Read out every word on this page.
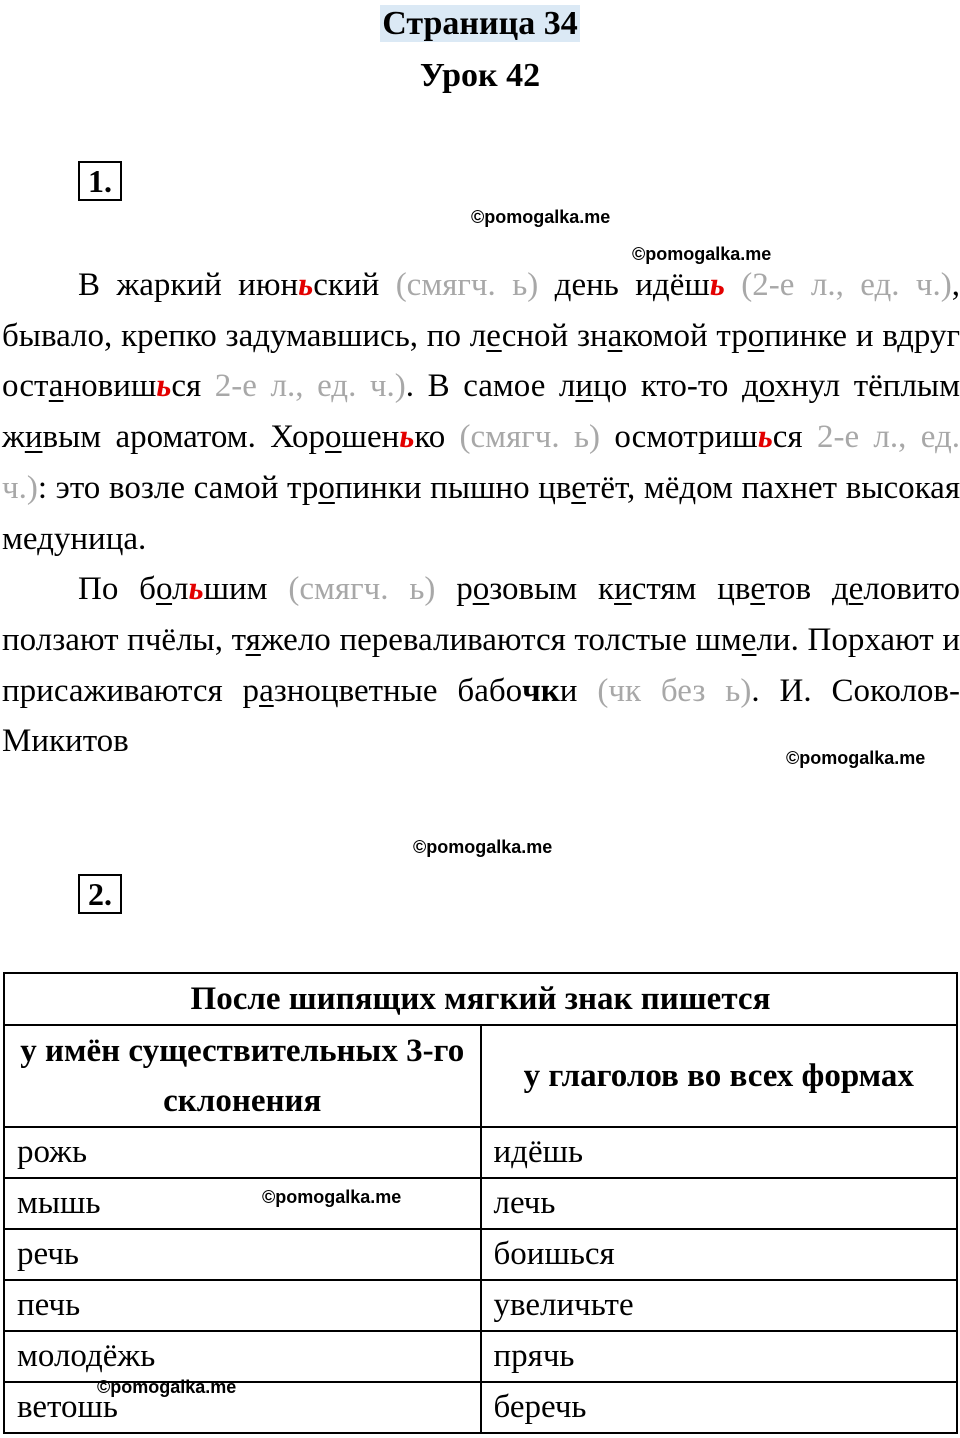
Страница 34
Урок 42
1.
©pomogalka.me
©pomogalka.me

В жаркий июньский (смягч. ь) день идёшь (2-е л., ед. ч.), бывало, крепко задумавшись, по лесной знакомой тропинке и вдруг остановишься 2-е л., ед. ч.). В самое лицо кто-то дохнул тёплым живым ароматом. Хорошенько (смягч. ь) осмотришься 2-е л., ед. ч.): это возле самой тропинки пышно цветёт, мёдом пахнет высокая медуница.

По большим (смягч. ь) розовым кистям цветов деловито ползают пчёлы, тяжело переваливаются толстые шмели. Порхают и присаживаются разноцветные бабочки (чк без ь). И. Соколов-Микитов	©pomogalka.me
©pomogalka.me
2.
После шипящих мягкий знак пишется	
у имён существительных 3-го склонения	у глаголов во всех формах
рожь	идёшь
мышь	лечь
речь	боишься
печь	увеличьте
молодёжь	прячь
ветошь	беречь
©pomogalka.me
©pomogalka.me
